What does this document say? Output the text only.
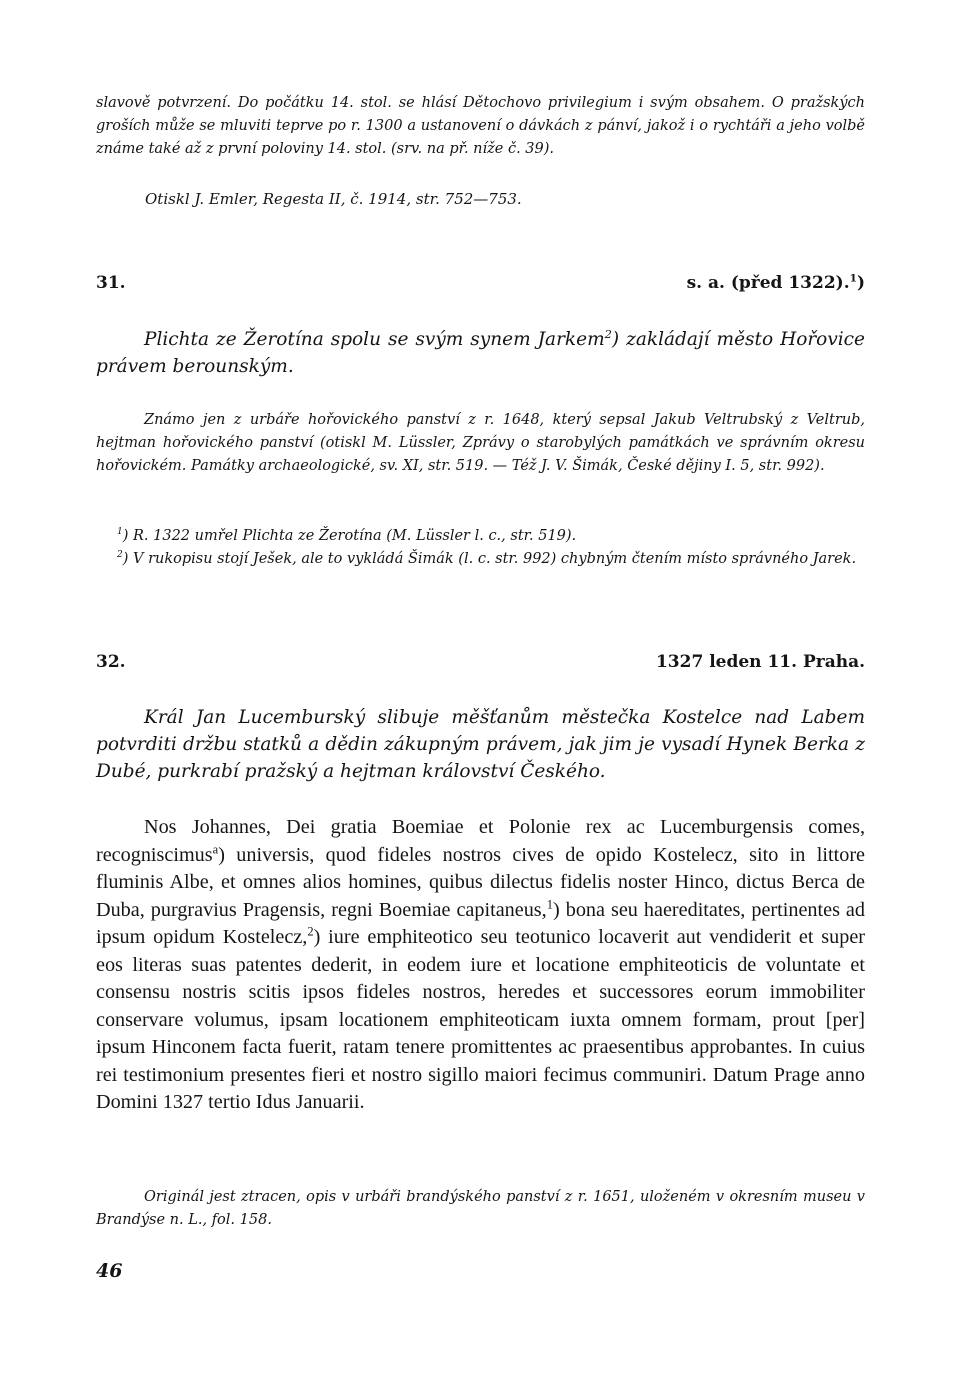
slavově potvrzení. Do počátku 14. stol. se hlásí Dětochovo privilegium i svým obsahem. O pražských groších může se mluviti teprve po r. 1300 a ustanovení o dávkách z pánví, jakož i o rychtáři a jeho volbě známe také až z první poloviny 14. stol. (srv. na př. níže č. 39).

Otiskl J. Emler, Regesta II, č. 1914, str. 752—753.

31.	s. a. (před 1322).$^1$)

Plichta ze Žerotína spolu se svým synem Jarkem$^2$) zakládají město Hořovice právem berounským.

Známo jen z urbáře hořovického panství z r. 1648, který sepsal Jakub Veltrubský z Veltrub, hejtman hořovického panství (otiskl M. Lüssler, Zprávy o starobylých památkách ve správním okresu hořovickém. Památky archaeologické, sv. XI, str. 519. — Též J. V. Šimák, České dějiny I. 5, str. 992).

$^1$) R. 1322 umřel Plichta ze Žerotína (M. Lüssler l. c., str. 519).
$^2$) V rukopisu stojí Ješek, ale to vykládá Šimák (l. c. str. 992) chybným čtením místo správného Jarek.
32.	1327 leden 11. Praha.

Král Jan Lucemburský slibuje měšťanům městečka Kostelce nad Labem potvrditi držbu statků a dědin zákupným právem, jak jim je vysadí Hynek Berka z Dubé, purkrabí pražský a hejtman království Českého.

Nos Johannes, Dei gratia Boemiae et Polonie rex ac Lucemburgensis comes, recogniscimus$^a$) universis, quod fideles nostros cives de opido Kostelecz, sito in littore fluminis Albe, et omnes alios homines, quibus dilectus fidelis noster Hinco, dictus Berca de Duba, purgravius Pragensis, regni Boemiae capitaneus,$^1$) bona seu haereditates, pertinentes ad ipsum opidum Kostelecz,$^2$) iure emphiteotico seu teotunico locaverit aut vendiderit et super eos literas suas patentes dederit, in eodem iure et locatione emphiteoticis de voluntate et consensu nostris scitis ipsos fideles nostros, heredes et successores eorum immobiliter conservare volumus, ipsam locationem emphiteoticam iuxta omnem formam, prout [per] ipsum Hinconem facta fuerit, ratam tenere promittentes ac praesentibus approbantes. In cuius rei testimonium presentes fieri et nostro sigillo maiori fecimus communiri. Datum Prage anno Domini 1327 tertio Idus Januarii.

Originál jest ztracen, opis v urbáři brandýského panství z r. 1651, uloženém v okresním museu v Brandýse n. L., fol. 158.

46
